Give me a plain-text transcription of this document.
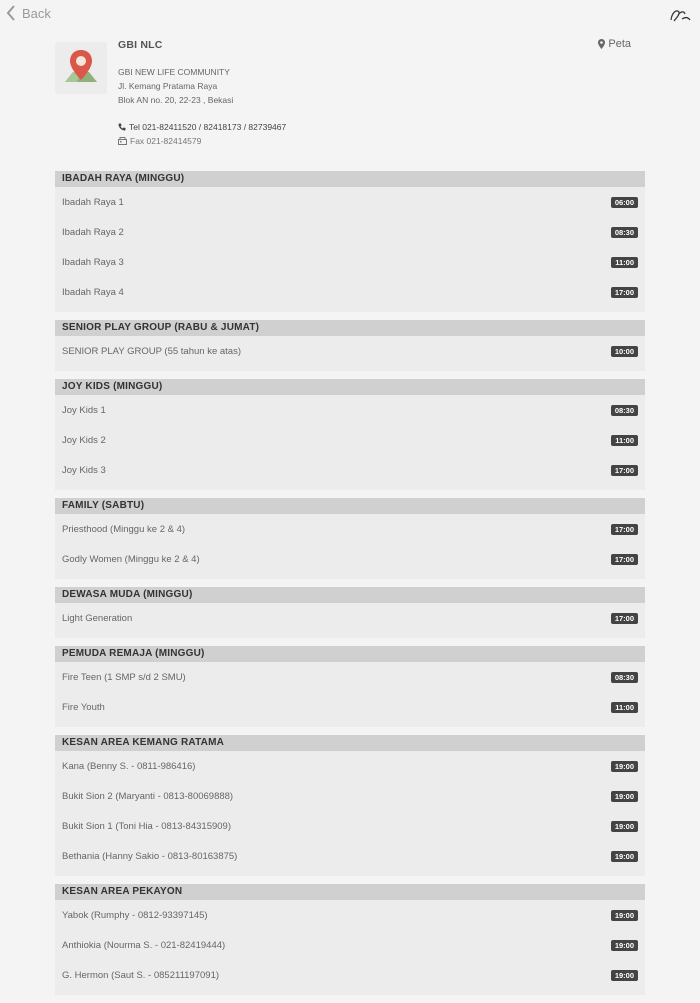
Back
GBI NLC	Peta
GBI NEW LIFE COMMUNITY
Jl. Kemang Pratama Raya
Blok AN no. 20, 22-23 , Bekasi
Tel 021-82411520 / 82418173 / 82739467
Fax 021-82414579
IBADAH RAYA (MINGGU)
Ibadah Raya 1	06:00
Ibadah Raya 2	08:30
Ibadah Raya 3	11:00
Ibadah Raya 4	17:00
SENIOR PLAY GROUP (RABU & JUMAT)
SENIOR PLAY GROUP (55 tahun ke atas)	10:00
JOY KIDS (MINGGU)
Joy Kids 1	08:30
Joy Kids 2	11:00
Joy Kids 3	17:00
FAMILY (SABTU)
Priesthood (Minggu ke 2 & 4)	17:00
Godly Women (Minggu ke 2 & 4)	17:00
DEWASA MUDA (MINGGU)
Light Generation	17:00
PEMUDA REMAJA (MINGGU)
Fire Teen (1 SMP s/d 2 SMU)	08:30
Fire Youth	11:00
KESAN AREA KEMANG RATAMA
Kana (Benny S. - 0811-986416)	19:00
Bukit Sion 2 (Maryanti - 0813-80069888)	19:00
Bukit Sion 1 (Toni Hia - 0813-84315909)	19:00
Bethania (Hanny Sakio - 0813-80163875)	19:00
KESAN AREA PEKAYON
Yabok (Rumphy - 0812-93397145)	19:00
Anthiokia (Nourma S. - 021-82419444)	19:00
G. Hermon (Saut S. - 085211197091)	19:00
